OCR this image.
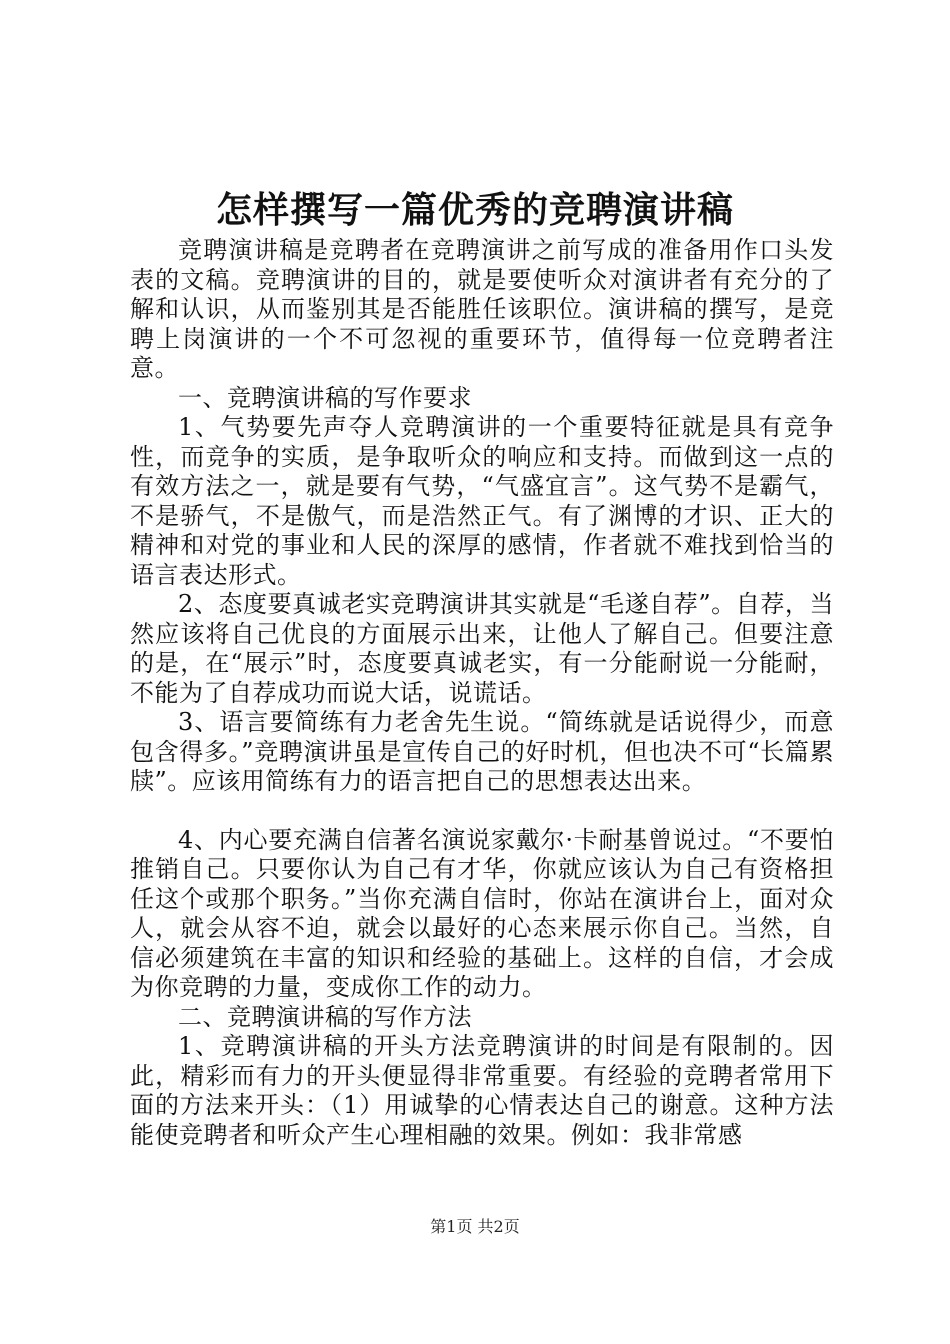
怎样撰写一篇优秀的竞聘演讲稿

竞聘演讲稿是竞聘者在竞聘演讲之前写成的准备用作口头发表的文稿。竞聘演讲的目的，就是要使听众对演讲者有充分的了解和认识，从而鉴别其是否能胜任该职位。演讲稿的撰写，是竞聘上岗演讲的一个不可忽视的重要环节，值得每一位竞聘者注意。

一、竞聘演讲稿的写作要求

1、气势要先声夺人竞聘演讲的一个重要特征就是具有竞争性，而竞争的实质，是争取听众的响应和支持。而做到这一点的有效方法之一，就是要有气势，“气盛宜言”。这气势不是霸气，不是骄气，不是傲气，而是浩然正气。有了渊博的才识、正大的精神和对党的事业和人民的深厚的感情，作者就不难找到恰当的语言表达形式。

2、态度要真诚老实竞聘演讲其实就是“毛遂自荐”。自荐，当然应该将自己优良的方面展示出来，让他人了解自己。但要注意的是，在“展示”时，态度要真诚老实，有一分能耐说一分能耐，不能为了自荐成功而说大话，说谎话。

3、语言要简练有力老舍先生说。“简练就是话说得少，而意包含得多。”竞聘演讲虽是宣传自己的好时机，但也决不可“长篇累牍”。应该用简练有力的语言把自己的思想表达出来。

4、内心要充满自信著名演说家戴尔·卡耐基曾说过。“不要怕推销自己。只要你认为自己有才华，你就应该认为自己有资格担任这个或那个职务。”当你充满自信时，你站在演讲台上，面对众人，就会从容不迫，就会以最好的心态来展示你自己。当然，自信必须建筑在丰富的知识和经验的基础上。这样的自信，才会成为你竞聘的力量，变成你工作的动力。

二、竞聘演讲稿的写作方法

1、竞聘演讲稿的开头方法竞聘演讲的时间是有限制的。因此，精彩而有力的开头便显得非常重要。有经验的竞聘者常用下面的方法来开头：（1）用诚挚的心情表达自己的谢意。这种方法能使竞聘者和听众产生心理相融的效果。例如：我非常感

第1页 共2页
